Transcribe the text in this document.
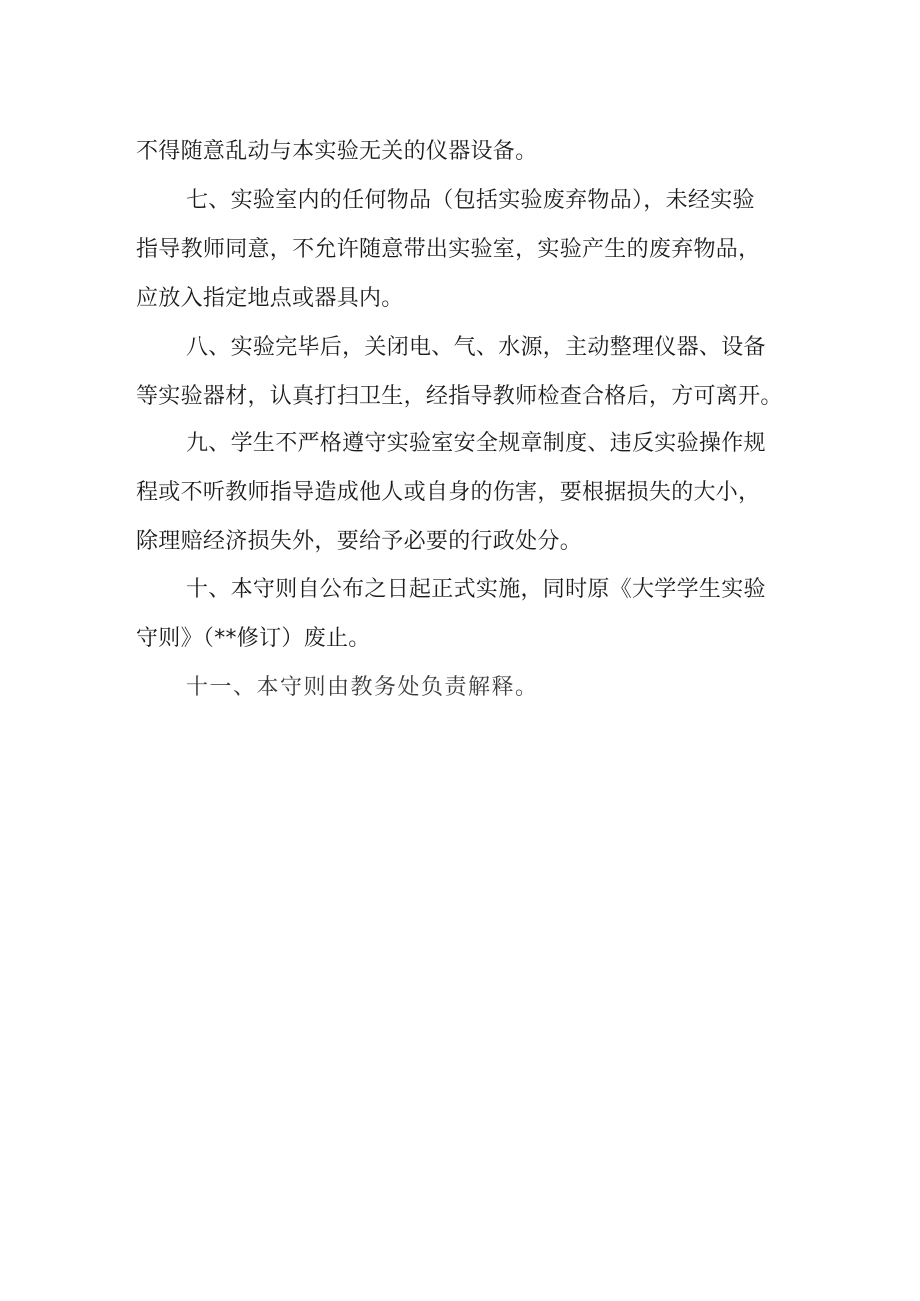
不得随意乱动与本实验无关的仪器设备。
七、实验室内的任何物品（包括实验废弃物品），未经实验
指导教师同意，不允许随意带出实验室，实验产生的废弃物品，
应放入指定地点或器具内。
八、实验完毕后，关闭电、气、水源，主动整理仪器、设备
等实验器材，认真打扫卫生，经指导教师检查合格后，方可离开。
九、学生不严格遵守实验室安全规章制度、违反实验操作规
程或不听教师指导造成他人或自身的伤害，要根据损失的大小，
除理赔经济损失外，要给予必要的行政处分。
十、本守则自公布之日起正式实施，同时原《大学学生实验
守则》（**修订）废止。
十一、本守则由教务处负责解释。
